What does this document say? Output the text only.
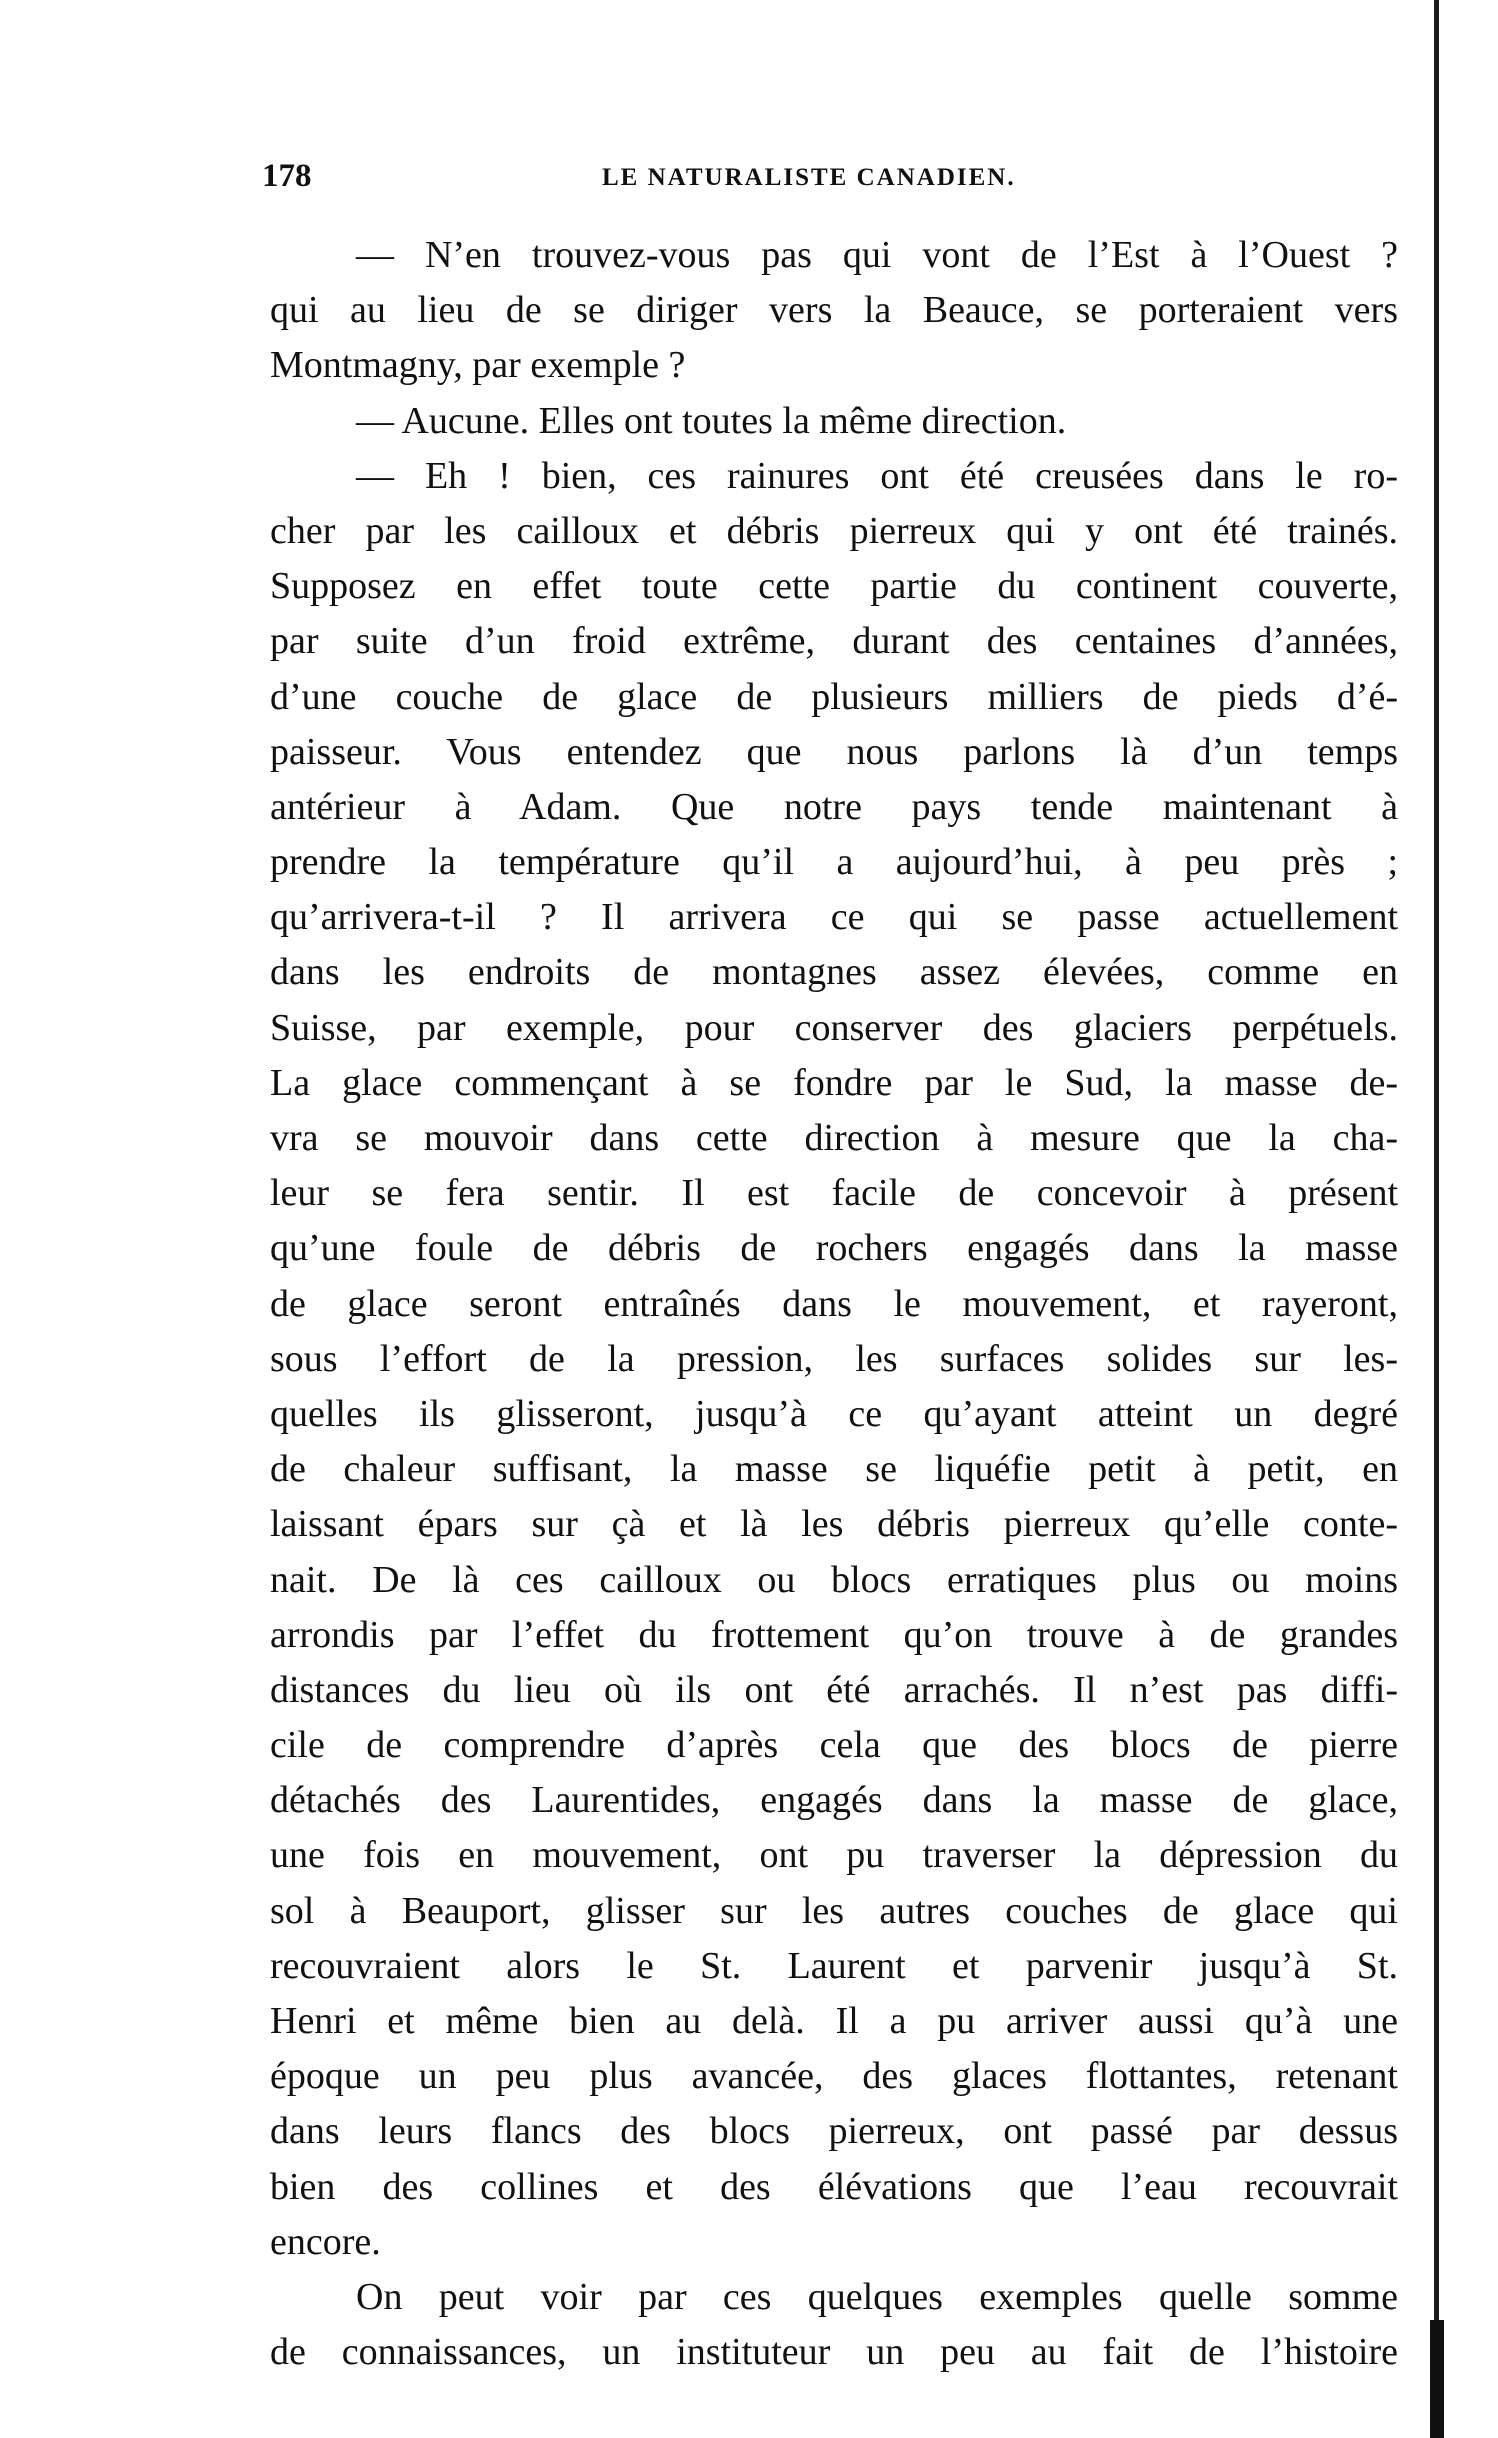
178	LE NATURALISTE CANADIEN.
— N’en trouvez-vous pas qui vont de l’Est à l’Ouest ?
qui au lieu de se diriger vers la Beauce, se porteraient vers
Montmagny, par exemple ?
— Aucune. Elles ont toutes la même direction.
— Eh ! bien, ces rainures ont été creusées dans le ro-
cher par les cailloux et débris pierreux qui y ont été trainés.
Supposez en effet toute cette partie du continent couverte,
par suite d’un froid extrême, durant des centaines d’années,
d’une couche de glace de plusieurs milliers de pieds d’é-
paisseur. Vous entendez que nous parlons là d’un temps
antérieur à Adam. Que notre pays tende maintenant à
prendre la température qu’il a aujourd’hui, à peu près ;
qu’arrivera-t-il ? Il arrivera ce qui se passe actuellement
dans les endroits de montagnes assez élevées, comme en
Suisse, par exemple, pour conserver des glaciers perpétuels.
La glace commençant à se fondre par le Sud, la masse de-
vra se mouvoir dans cette direction à mesure que la cha-
leur se fera sentir. Il est facile de concevoir à présent
qu’une foule de débris de rochers engagés dans la masse
de glace seront entraînés dans le mouvement, et rayeront,
sous l’effort de la pression, les surfaces solides sur les-
quelles ils glisseront, jusqu’à ce qu’ayant atteint un degré
de chaleur suffisant, la masse se liquéfie petit à petit, en
laissant épars sur çà et là les débris pierreux qu’elle conte-
nait. De là ces cailloux ou blocs erratiques plus ou moins
arrondis par l’effet du frottement qu’on trouve à de grandes
distances du lieu où ils ont été arrachés. Il n’est pas diffi-
cile de comprendre d’après cela que des blocs de pierre
détachés des Laurentides, engagés dans la masse de glace,
une fois en mouvement, ont pu traverser la dépression du
sol à Beauport, glisser sur les autres couches de glace qui
recouvraient alors le St. Laurent et parvenir jusqu’à St.
Henri et même bien au delà. Il a pu arriver aussi qu’à une
époque un peu plus avancée, des glaces flottantes, retenant
dans leurs flancs des blocs pierreux, ont passé par dessus
bien des collines et des élévations que l’eau recouvrait
encore.
On peut voir par ces quelques exemples quelle somme
de connaissances, un instituteur un peu au fait de l’histoire
